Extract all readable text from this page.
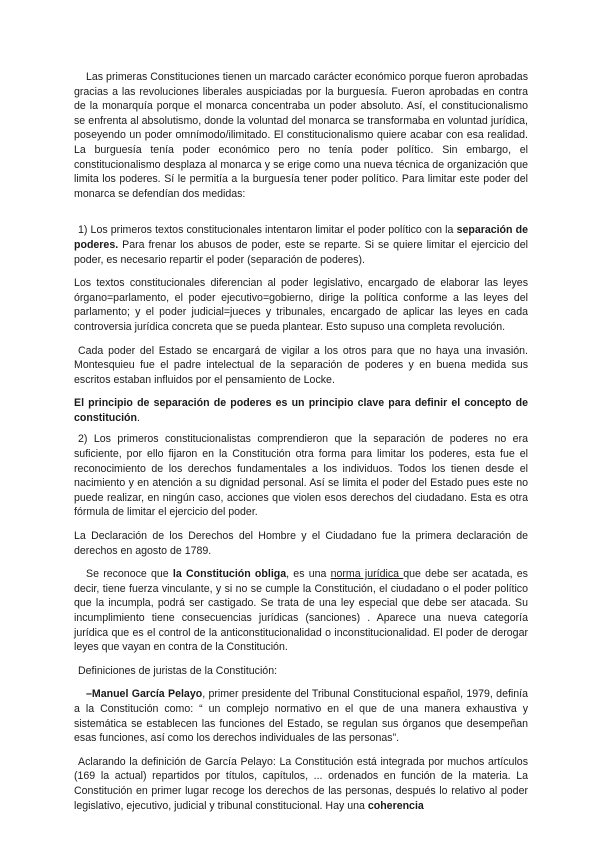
Las primeras Constituciones tienen un marcado carácter económico porque fueron aprobadas gracias a las revoluciones liberales auspiciadas por la burguesía. Fueron aprobadas en contra de la monarquía porque el monarca concentraba un poder absoluto. Así, el constitucionalismo se enfrenta al absolutismo, donde la voluntad del monarca se transformaba en voluntad jurídica, poseyendo un poder omnímodo/ilimitado. El constitucionalismo quiere acabar con esa realidad. La burguesía tenía poder económico pero no tenía poder político. Sin embargo, el constitucionalismo desplaza al monarca y se erige como una nueva técnica de organización que limita los poderes. Sí le permitía a la burguesía tener poder político. Para limitar este poder del monarca se defendían dos medidas:

1) Los primeros textos constitucionales intentaron limitar el poder político con la separación de poderes. Para frenar los abusos de poder, este se reparte. Si se quiere limitar el ejercicio del poder, es necesario repartir el poder (separación de poderes).

Los textos constitucionales diferencian al poder legislativo, encargado de elaborar las leyes órgano=parlamento, el poder ejecutivo=gobierno, dirige la política conforme a las leyes del parlamento; y el poder judicial=jueces y tribunales, encargado de aplicar las leyes en cada controversia jurídica concreta que se pueda plantear. Esto supuso una completa revolución.

Cada poder del Estado se encargará de vigilar a los otros para que no haya una invasión. Montesquieu fue el padre intelectual de la separación de poderes y en buena medida sus escritos estaban influidos por el pensamiento de Locke.

El principio de separación de poderes es un principio clave para definir el concepto de constitución.

2) Los primeros constitucionalistas comprendieron que la separación de poderes no era suficiente, por ello fijaron en la Constitución otra forma para limitar los poderes, esta fue el reconocimiento de los derechos fundamentales a los individuos. Todos los tienen desde el nacimiento y en atención a su dignidad personal. Así se limita el poder del Estado pues este no puede realizar, en ningún caso, acciones que violen esos derechos del ciudadano. Esta es otra fórmula de limitar el ejercicio del poder.

La Declaración de los Derechos del Hombre y el Ciudadano fue la primera declaración de derechos en agosto de 1789.

Se reconoce que la Constitución obliga, es una norma jurídica que debe ser acatada, es decir, tiene fuerza vinculante, y si no se cumple la Constitución, el ciudadano o el poder político que la incumpla, podrá ser castigado. Se trata de una ley especial que debe ser atacada. Su incumplimiento tiene consecuencias jurídicas (sanciones) . Aparece una nueva categoría jurídica que es el control de la anticonstitucionalidad o inconstitucionalidad. El poder de derogar leyes que vayan en contra de la Constitución.

Definiciones de juristas de la Constitución:

–Manuel García Pelayo, primer presidente del Tribunal Constitucional español, 1979, definía a la Constitución como: “ un complejo normativo en el que de una manera exhaustiva y sistemática se establecen las funciones del Estado, se regulan sus órganos que desempeñan esas funciones, así como los derechos individuales de las personas”.

Aclarando la definición de García Pelayo: La Constitución está integrada por muchos artículos (169 la actual) repartidos por títulos, capítulos, ... ordenados en función de la materia. La Constitución en primer lugar recoge los derechos de las personas, después lo relativo al poder legislativo, ejecutivo, judicial y tribunal constitucional. Hay una coherencia
